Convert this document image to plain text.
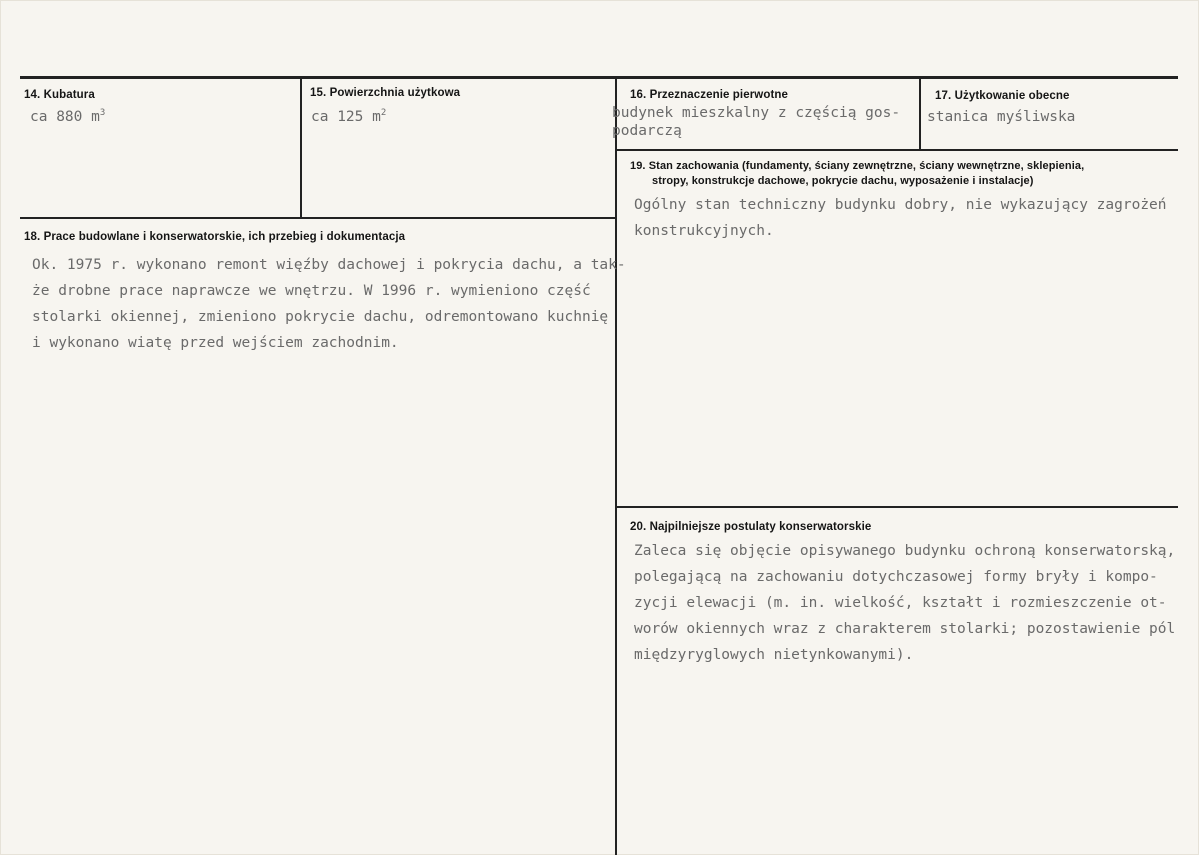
14. Kubatura
ca 880 $m^3$
15. Powierzchnia użytkowa
ca 125 $m^2$
16. Przeznaczenie pierwotne
budynek mieszkalny z częścią gos-
podarczą
17. Użytkowanie obecne
stanica myśliwska
19. Stan zachowania (fundamenty, ściany zewnętrzne, ściany wewnętrzne, sklepienia,
stropy, konstrukcje dachowe, pokrycie dachu, wyposażenie i instalacje)
Ogólny stan techniczny budynku dobry, nie wykazujący zagrożeń
konstrukcyjnych.
18. Prace budowlane i konserwatorskie, ich przebieg i dokumentacja
Ok. 1975 r. wykonano remont więźby dachowej i pokrycia dachu, a tak-
że drobne prace naprawcze we wnętrzu. W 1996 r. wymieniono część
stolarki okiennej, zmieniono pokrycie dachu, odremontowano kuchnię
i wykonano wiatę przed wejściem zachodnim.
20. Najpilniejsze postulaty konserwatorskie
Zaleca się objęcie opisywanego budynku ochroną konserwatorską,
polegającą na zachowaniu dotychczasowej formy bryły i kompo-
zycji elewacji (m. in. wielkość, kształt i rozmieszczenie ot-
worów okiennych wraz z charakterem stolarki; pozostawienie pól
międzyryglowych nietynkowanymi).
